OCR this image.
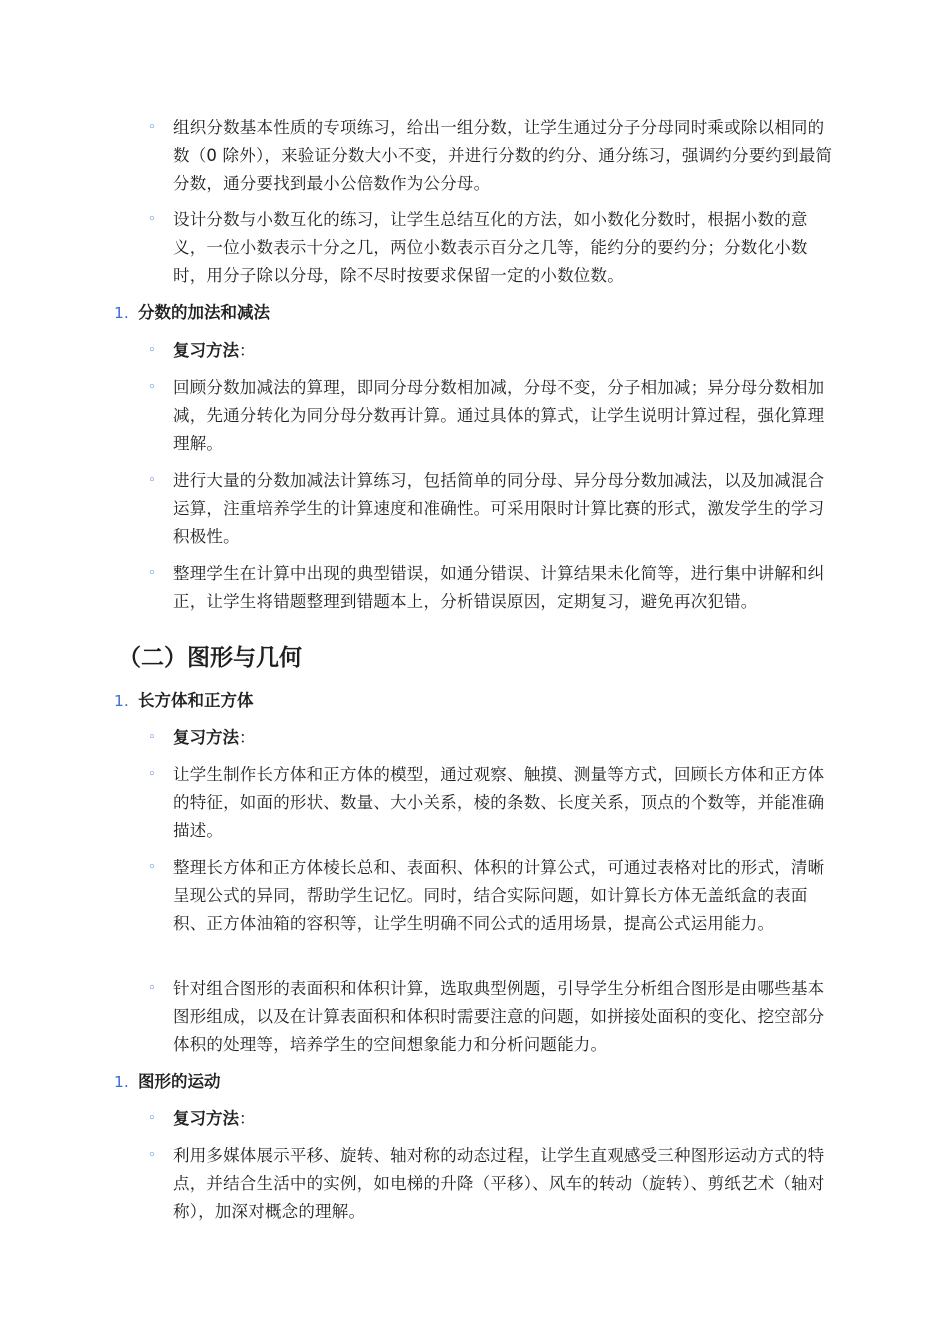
◦ 组织分数基本性质的专项练习，给出一组分数，让学生通过分子分母同时乘或除以相同的数（0 除外），来验证分数大小不变，并进行分数的约分、通分练习，强调约分要约到最简分数，通分要找到最小公倍数作为公分母。
◦ 设计分数与小数互化的练习，让学生总结互化的方法，如小数化分数时，根据小数的意义，一位小数表示十分之几，两位小数表示百分之几等，能约分的要约分；分数化小数时，用分子除以分母，除不尽时按要求保留一定的小数位数。
1. 分数的加法和减法
◦ 复习方法：
◦ 回顾分数加减法的算理，即同分母分数相加减，分母不变，分子相加减；异分母分数相加减，先通分转化为同分母分数再计算。通过具体的算式，让学生说明计算过程，强化算理理解。
◦ 进行大量的分数加减法计算练习，包括简单的同分母、异分母分数加减法，以及加减混合运算，注重培养学生的计算速度和准确性。可采用限时计算比赛的形式，激发学生的学习积极性。
◦ 整理学生在计算中出现的典型错误，如通分错误、计算结果未化简等，进行集中讲解和纠正，让学生将错题整理到错题本上，分析错误原因，定期复习，避免再次犯错。
（二）图形与几何
1. 长方体和正方体
◦ 复习方法：
◦ 让学生制作长方体和正方体的模型，通过观察、触摸、测量等方式，回顾长方体和正方体的特征，如面的形状、数量、大小关系，棱的条数、长度关系，顶点的个数等，并能准确描述。
◦ 整理长方体和正方体棱长总和、表面积、体积的计算公式，可通过表格对比的形式，清晰呈现公式的异同，帮助学生记忆。同时，结合实际问题，如计算长方体无盖纸盒的表面积、正方体油箱的容积等，让学生明确不同公式的适用场景，提高公式运用能力。
◦ 针对组合图形的表面积和体积计算，选取典型例题，引导学生分析组合图形是由哪些基本图形组成，以及在计算表面积和体积时需要注意的问题，如拼接处面积的变化、挖空部分体积的处理等，培养学生的空间想象能力和分析问题能力。
1. 图形的运动
◦ 复习方法：
◦ 利用多媒体展示平移、旋转、轴对称的动态过程，让学生直观感受三种图形运动方式的特点，并结合生活中的实例，如电梯的升降（平移）、风车的转动（旋转）、剪纸艺术（轴对称），加深对概念的理解。
